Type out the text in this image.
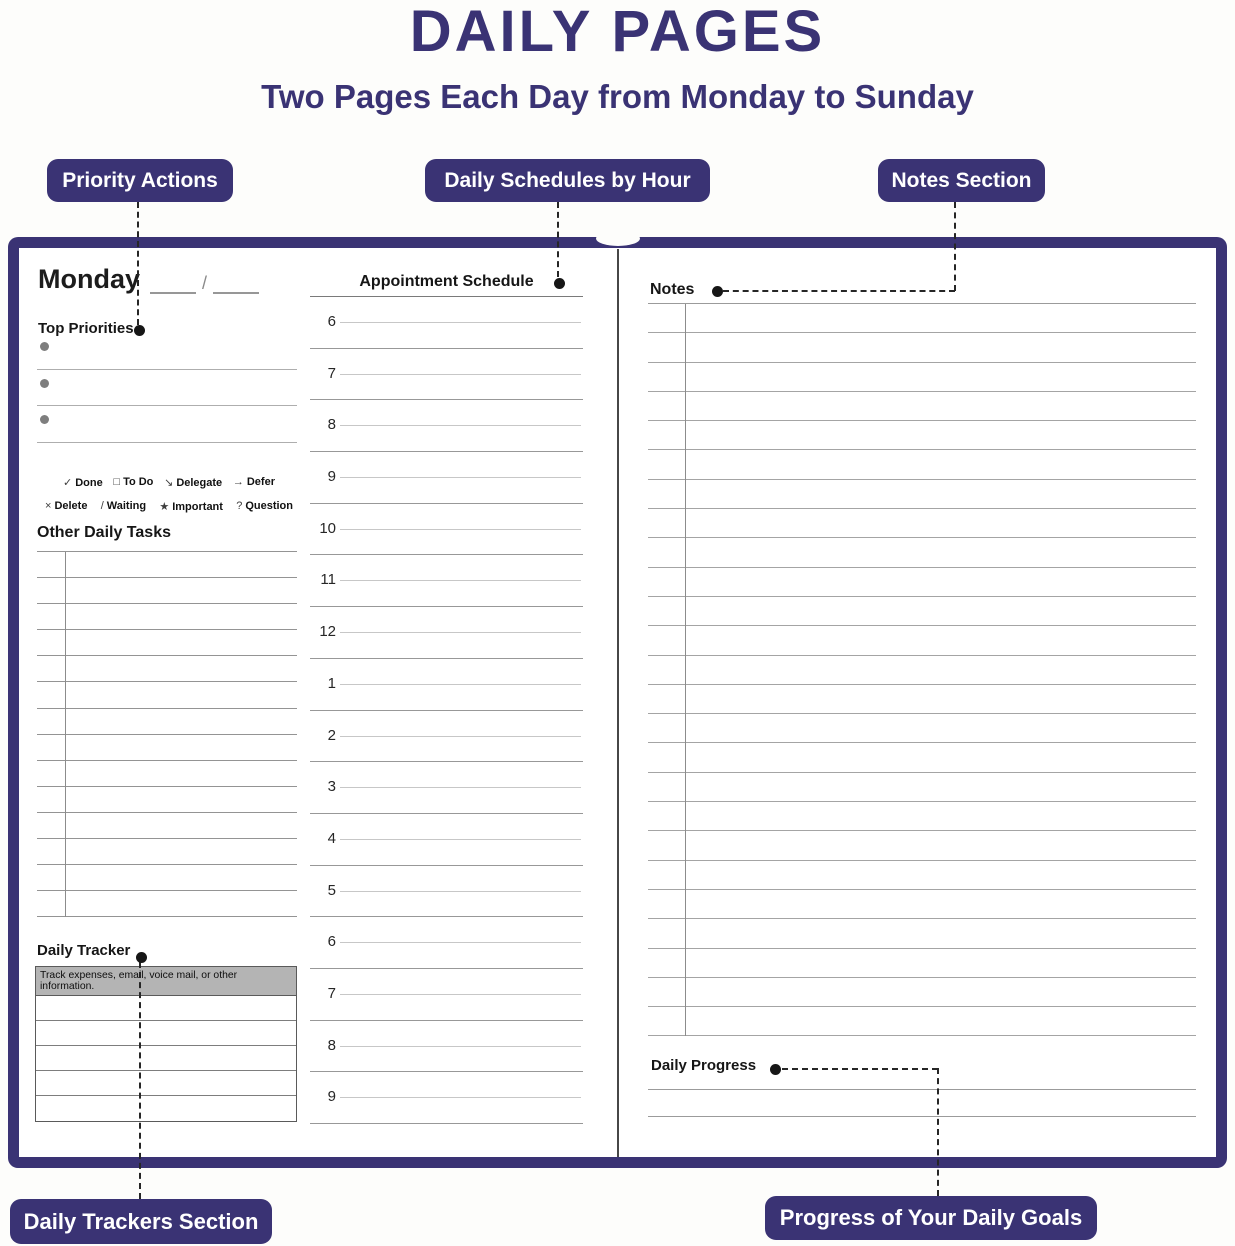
DAILY PAGES
Two Pages Each Day from Monday to Sunday
Priority Actions	Daily Schedules by Hour	Notes Section
Daily Trackers Section	Progress of Your Daily Goals
Monday	/
Top Priorities
✓ Done □ To Do ↘ Delegate → Defer
× Delete / Waiting ★ Important ? Question
Other Daily Tasks
Daily Tracker
Track expenses, email, voice mail, or other information.
Appointment Schedule
6
7
8
9
10
11
12
1
2
3
4
5
6
7
8
9
Notes
Daily Progress
